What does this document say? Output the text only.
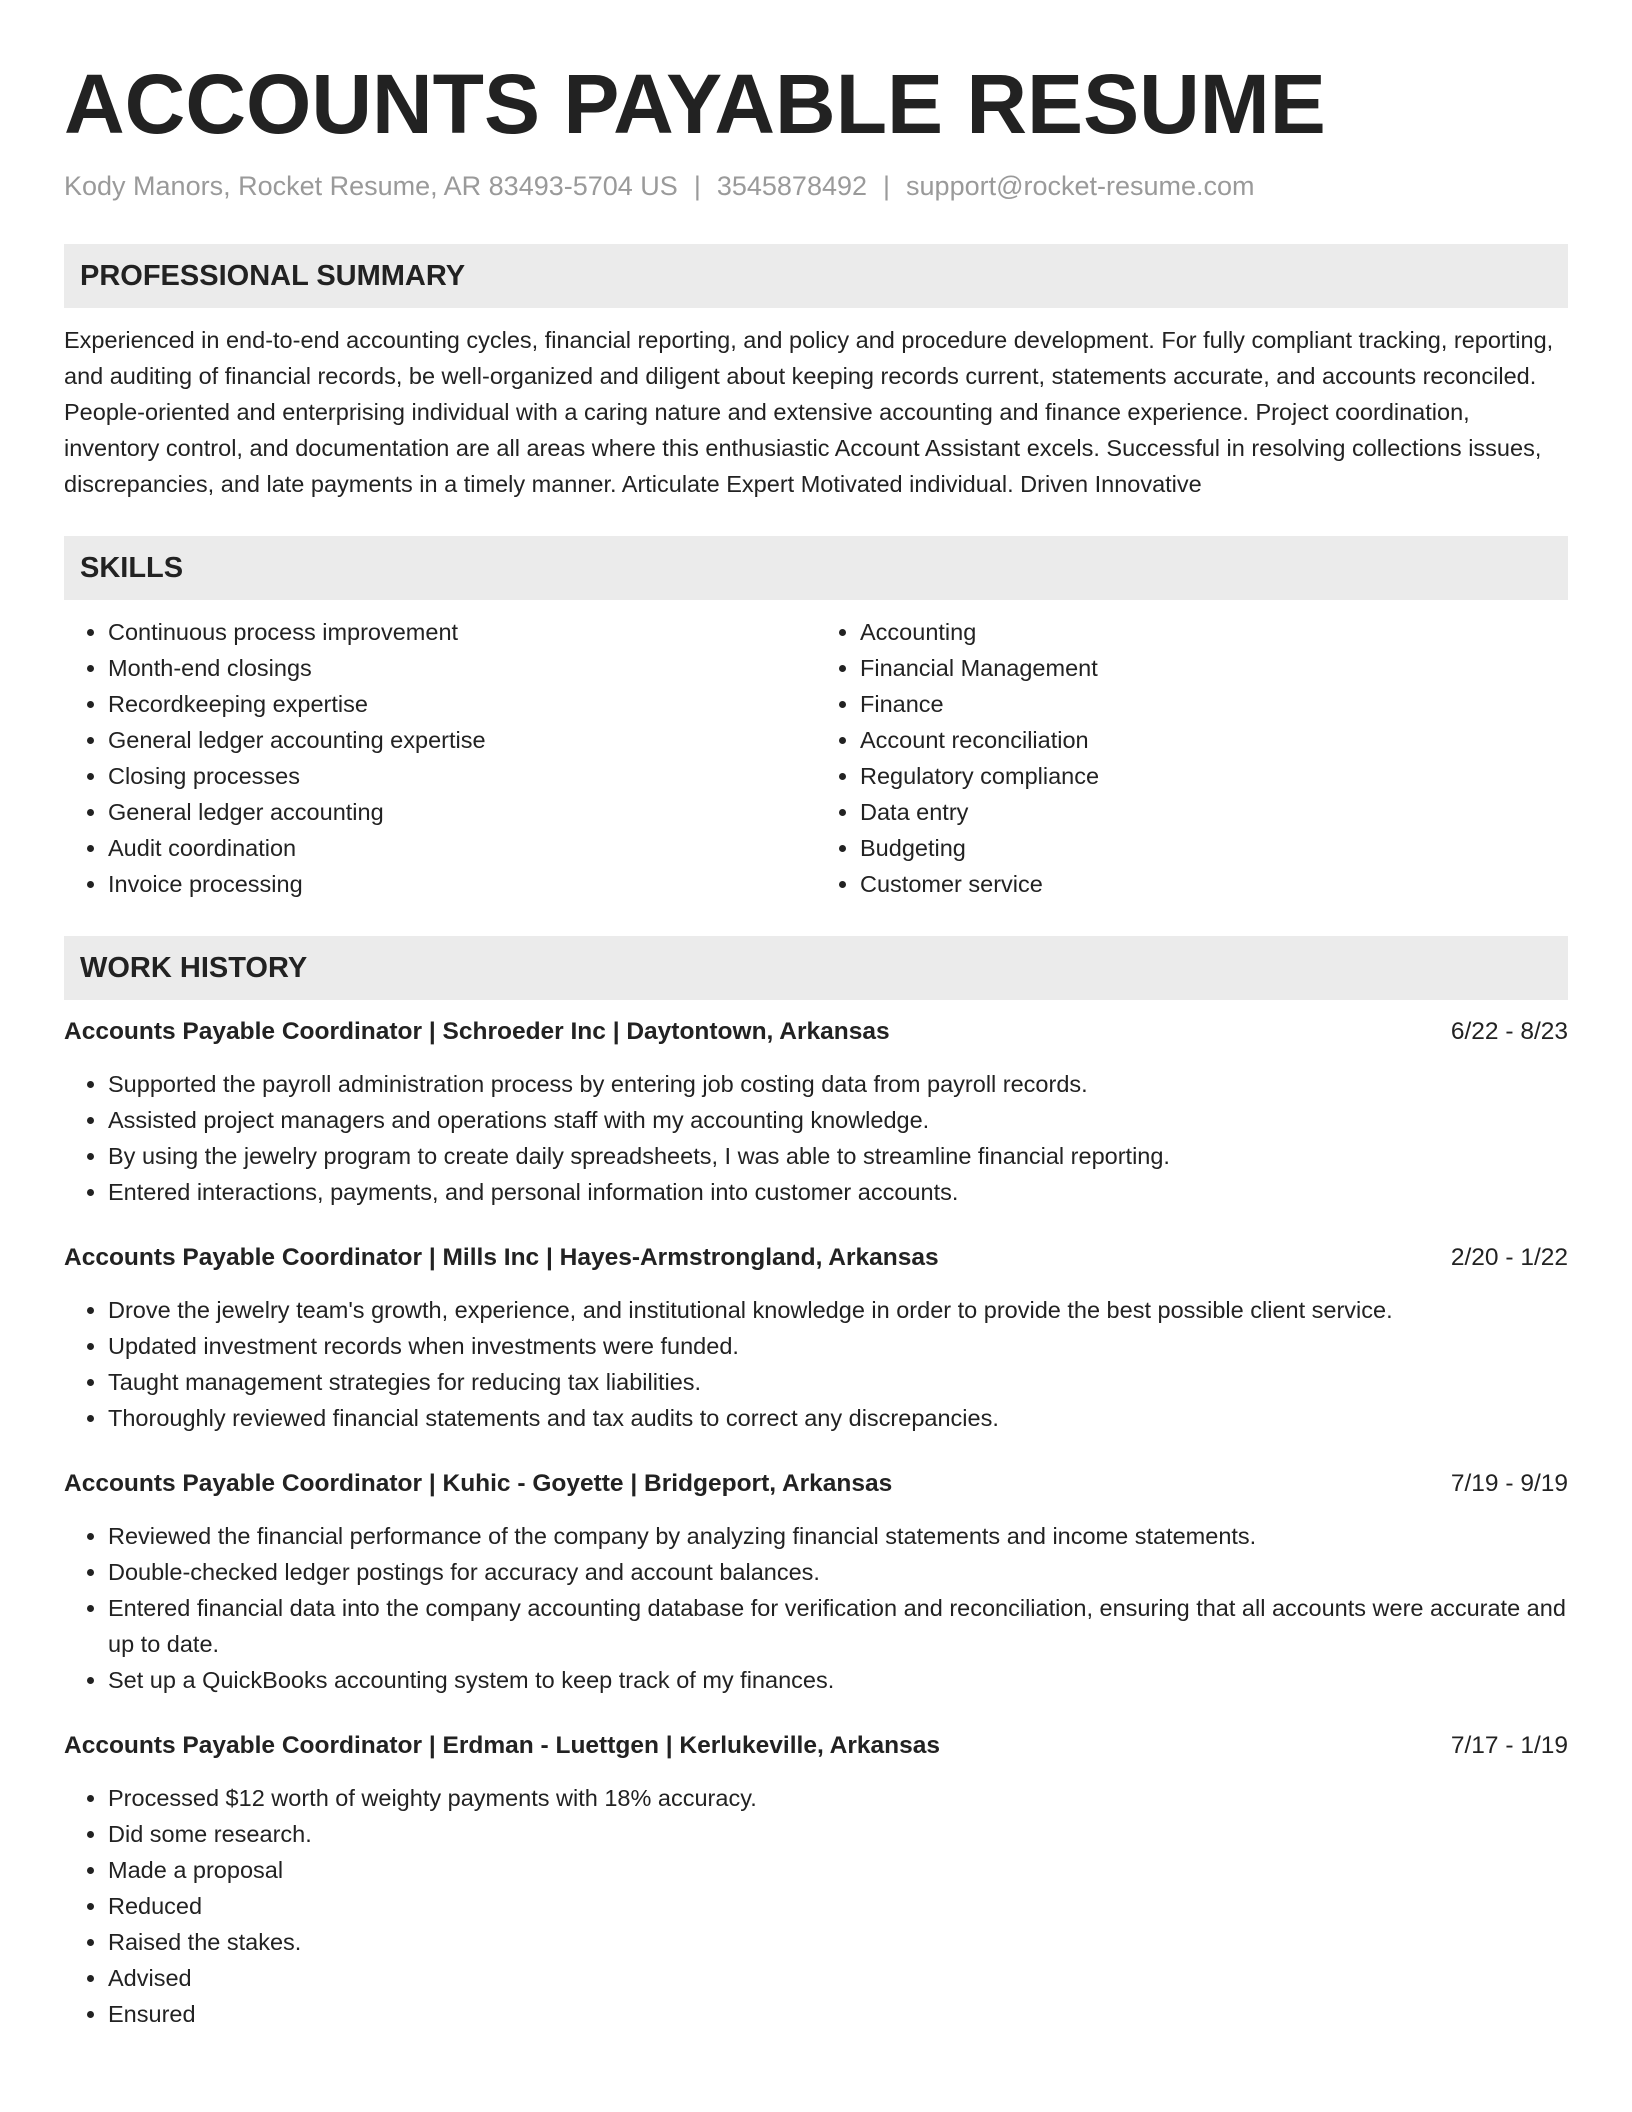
ACCOUNTS PAYABLE RESUME
Kody Manors, Rocket Resume, AR 83493-5704 US | 3545878492 | support@rocket-resume.com
PROFESSIONAL SUMMARY

Experienced in end-to-end accounting cycles, financial reporting, and policy and procedure development. For fully compliant tracking, reporting, and auditing of financial records, be well-organized and diligent about keeping records current, statements accurate, and accounts reconciled. People-oriented and enterprising individual with a caring nature and extensive accounting and finance experience. Project coordination, inventory control, and documentation are all areas where this enthusiastic Account Assistant excels. Successful in resolving collections issues, discrepancies, and late payments in a timely manner. Articulate Expert Motivated individual. Driven Innovative

SKILLS
• Continuous process improvement
• Month-end closings
• Recordkeeping expertise
• General ledger accounting expertise
• Closing processes
• General ledger accounting
• Audit coordination
• Invoice processing
• Accounting
• Financial Management
• Finance
• Account reconciliation
• Regulatory compliance
• Data entry
• Budgeting
• Customer service
WORK HISTORY
Accounts Payable Coordinator | Schroeder Inc | Daytontown, Arkansas	6/22 - 8/23
• Supported the payroll administration process by entering job costing data from payroll records.
• Assisted project managers and operations staff with my accounting knowledge.
• By using the jewelry program to create daily spreadsheets, I was able to streamline financial reporting.
• Entered interactions, payments, and personal information into customer accounts.
Accounts Payable Coordinator | Mills Inc | Hayes-Armstrongland, Arkansas	2/20 - 1/22
• Drove the jewelry team's growth, experience, and institutional knowledge in order to provide the best possible client service.
• Updated investment records when investments were funded.
• Taught management strategies for reducing tax liabilities.
• Thoroughly reviewed financial statements and tax audits to correct any discrepancies.
Accounts Payable Coordinator | Kuhic - Goyette | Bridgeport, Arkansas	7/19 - 9/19
• Reviewed the financial performance of the company by analyzing financial statements and income statements.
• Double-checked ledger postings for accuracy and account balances.
• Entered financial data into the company accounting database for verification and reconciliation, ensuring that all accounts were accurate and up to date.
• Set up a QuickBooks accounting system to keep track of my finances.
Accounts Payable Coordinator | Erdman - Luettgen | Kerlukeville, Arkansas	7/17 - 1/19
• Processed $12 worth of weighty payments with 18% accuracy.
• Did some research.
• Made a proposal
• Reduced
• Raised the stakes.
• Advised
• Ensured
